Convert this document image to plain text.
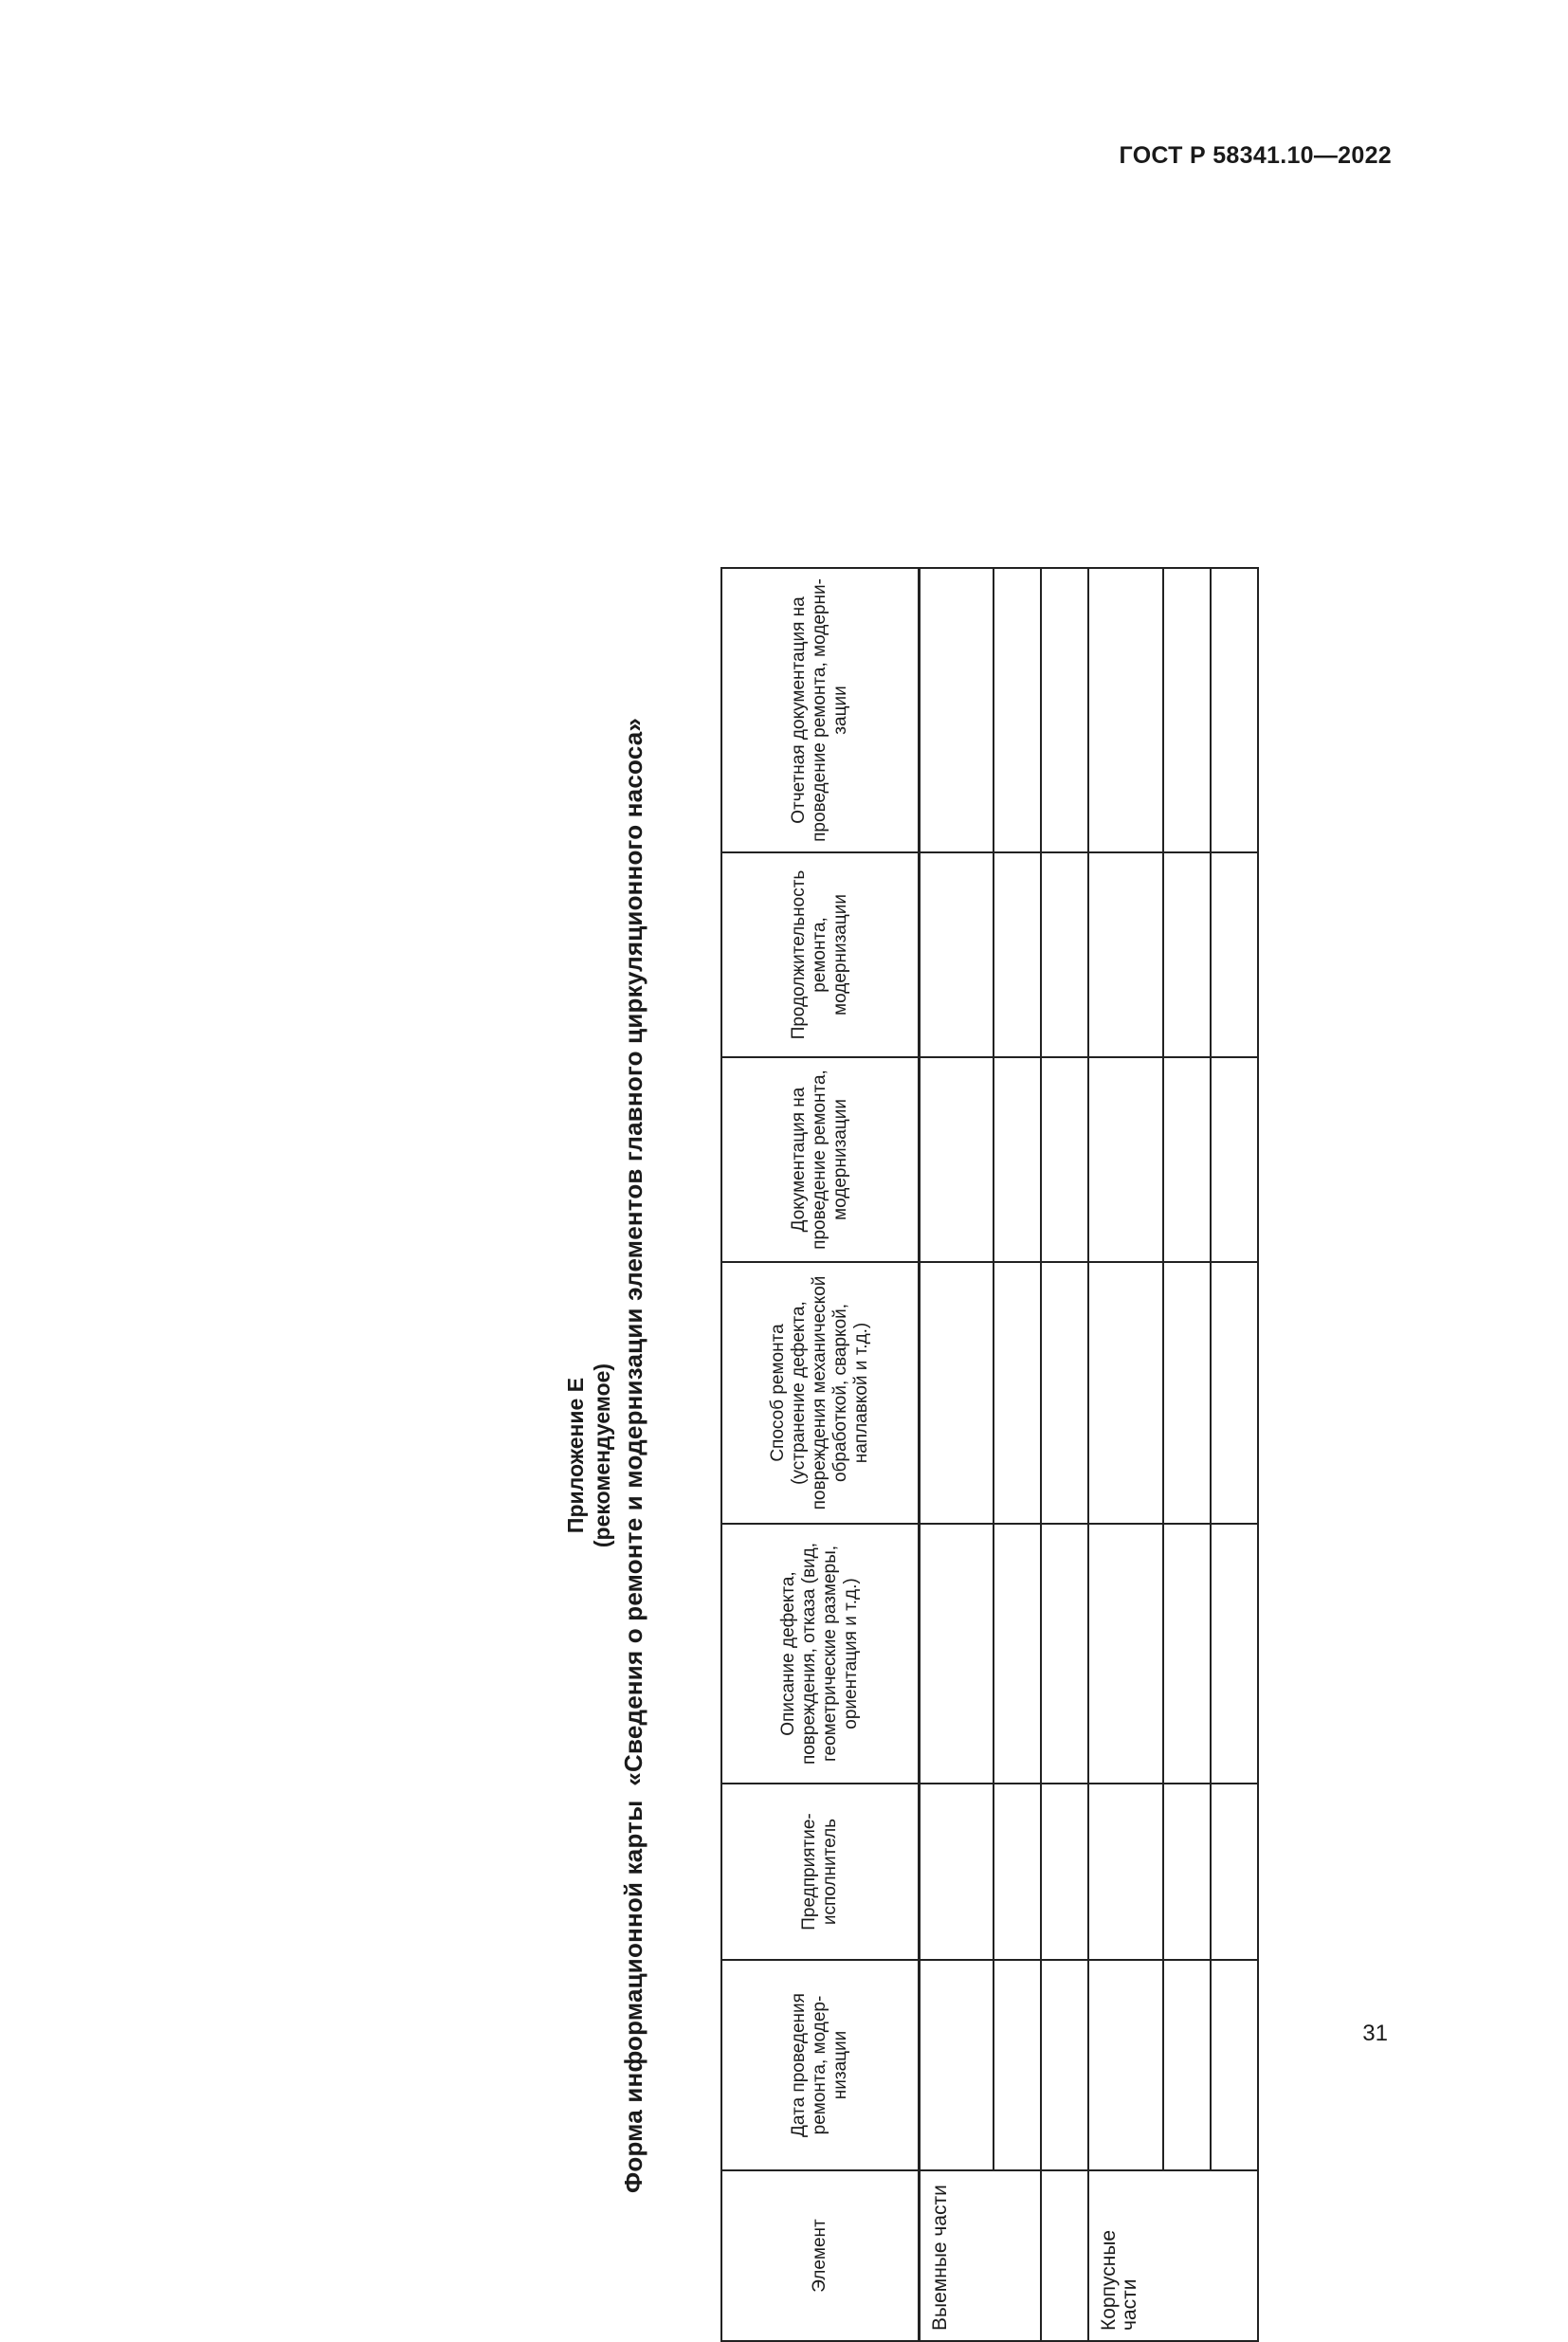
ГОСТ Р 58341.10—2022
Приложение Е (рекомендуемое)
Форма информационной карты  «Сведения о ремонте и модернизации элементов главного циркуляционного насоса»
Элемент	Дата проведения ремонта, модернизации	Предприятие-исполнитель	Описание дефекта, повреждения, отказа (вид, геометрические размеры, ориентация и т.д.)	Способ ремонта (устранение дефекта, повреждения механической обработкой, сваркой, наплавкой и т.д.)	Документация на проведение ремонта, модернизации	Продолжительность ремонта, модернизации	Отчетная документация на проведение ремонта, модернизации
Выемные части							

Корпусные части							

31
